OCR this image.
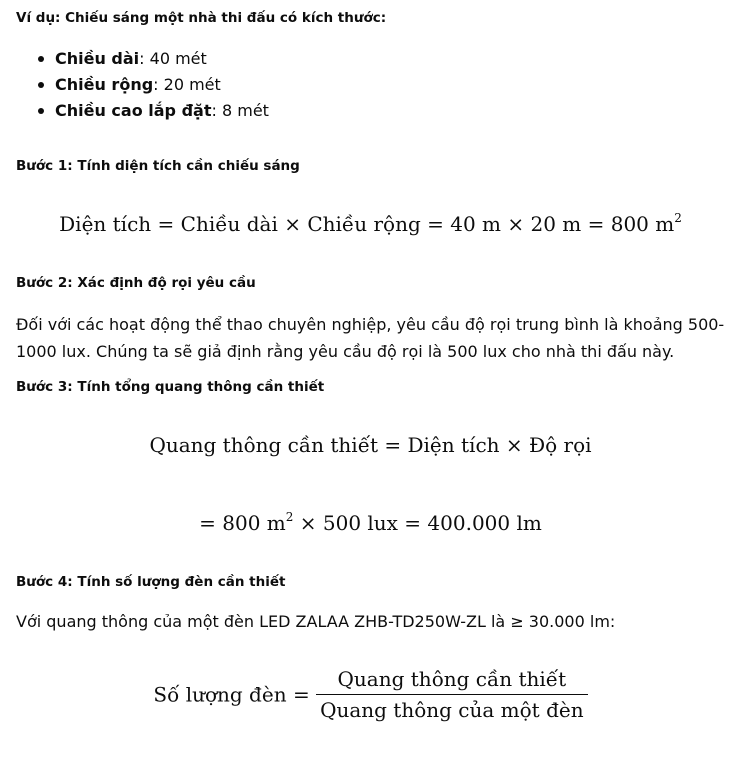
Ví dụ: Chiếu sáng một nhà thi đấu có kích thước:
Chiều dài: 40 mét
Chiều rộng: 20 mét
Chiều cao lắp đặt: 8 mét
Bước 1: Tính diện tích cần chiếu sáng
Diện tích = Chiều dài × Chiều rộng = 40 m × 20 m = 800 $m^2$
Bước 2: Xác định độ rọi yêu cầu
Đối với các hoạt động thể thao chuyên nghiệp, yêu cầu độ rọi trung bình là khoảng 500-1000 lux. Chúng ta sẽ giả định rằng yêu cầu độ rọi là 500 lux cho nhà thi đấu này.
Bước 3: Tính tổng quang thông cần thiết
Quang thông cần thiết = Diện tích × Độ rọi
= 800 $m^2 \times 500$ lux = 400.000 lm
Bước 4: Tính số lượng đèn cần thiết
Với quang thông của một đèn LED ZALAA ZHB-TD250W-ZL là ≥ 30.000 lm:
Số lượng đèn = $\frac{\text{Quang thông cần thiết}}{\text{Quang thông của một đèn}}$
